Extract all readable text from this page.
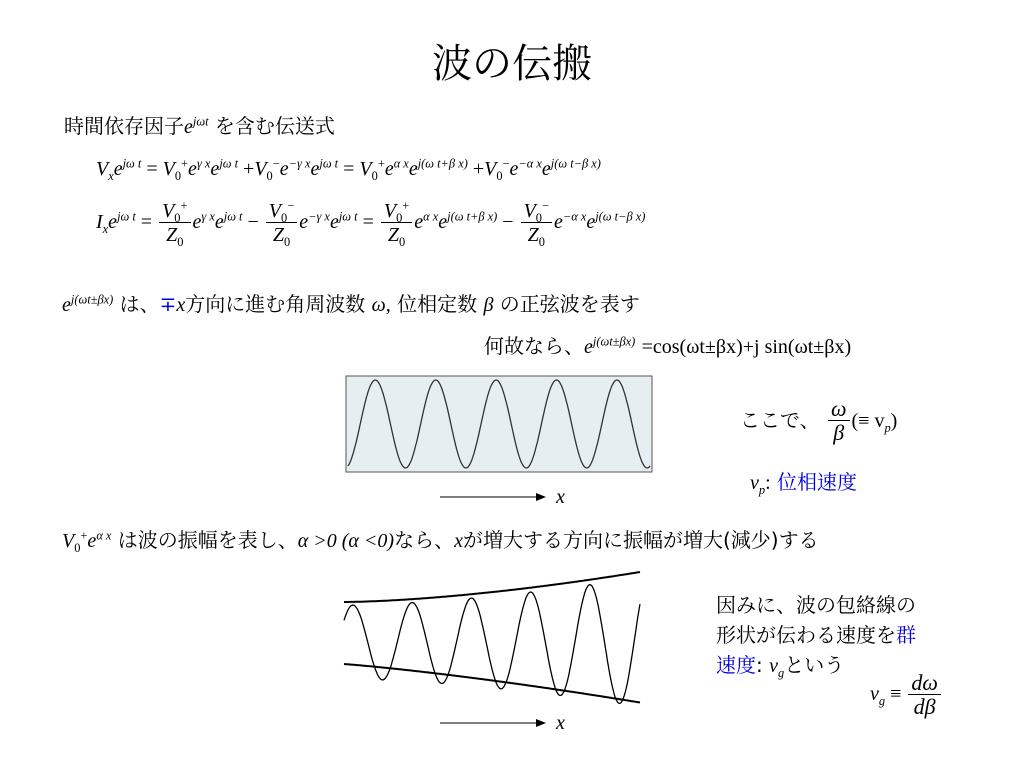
波の伝搬
時間依存因子$e^{j\omega t}$ を含む伝送式
$V_xe^{j\omega t} = V_0^+e^{\gamma x}e^{j\omega t} +V_0^-e^{-\gamma x}e^{j\omega t} = V_0^+e^{\alpha x}e^{j(\omega t+\beta x)} +V_0^-e^{-\alpha x}e^{j(\omega t-\beta x)}$
$I_xe^{j\omega t} = \frac{V_0^+}{Z_0} e^{\gamma x}e^{j\omega t} - \frac{V_0^-}{Z_0} e^{-\gamma x}e^{j\omega t} = \frac{V_0^+}{Z_0} e^{\alpha x}e^{j(\omega t+\beta x)} - \frac{V_0^-}{Z_0} e^{-\alpha x}e^{j(\omega t-\beta x)}$
$e^{j(\omega t\pm\beta x)}$ は、∓x方向に進む角周波数 ω, 位相定数 β の正弦波を表す
何故なら、$e^{j(\omega t\pm\beta x)} =\cos(\omega t\pm\beta x)+j$ sin(ωt±βx)
x
ここで、 $\frac{\omega}{\beta}$ (≡ $v_p$)
$v_p$: 位相速度
$V_0^+e^{\alpha x}$ は波の振幅を表し、α >0 (α <0)なら、xが増大する方向に振幅が増大(減少)する
x
因みに、波の包絡線の
形状が伝わる速度を群
速度: $v_g$という
$v_g \equiv \frac{d\omega}{d\beta}$
